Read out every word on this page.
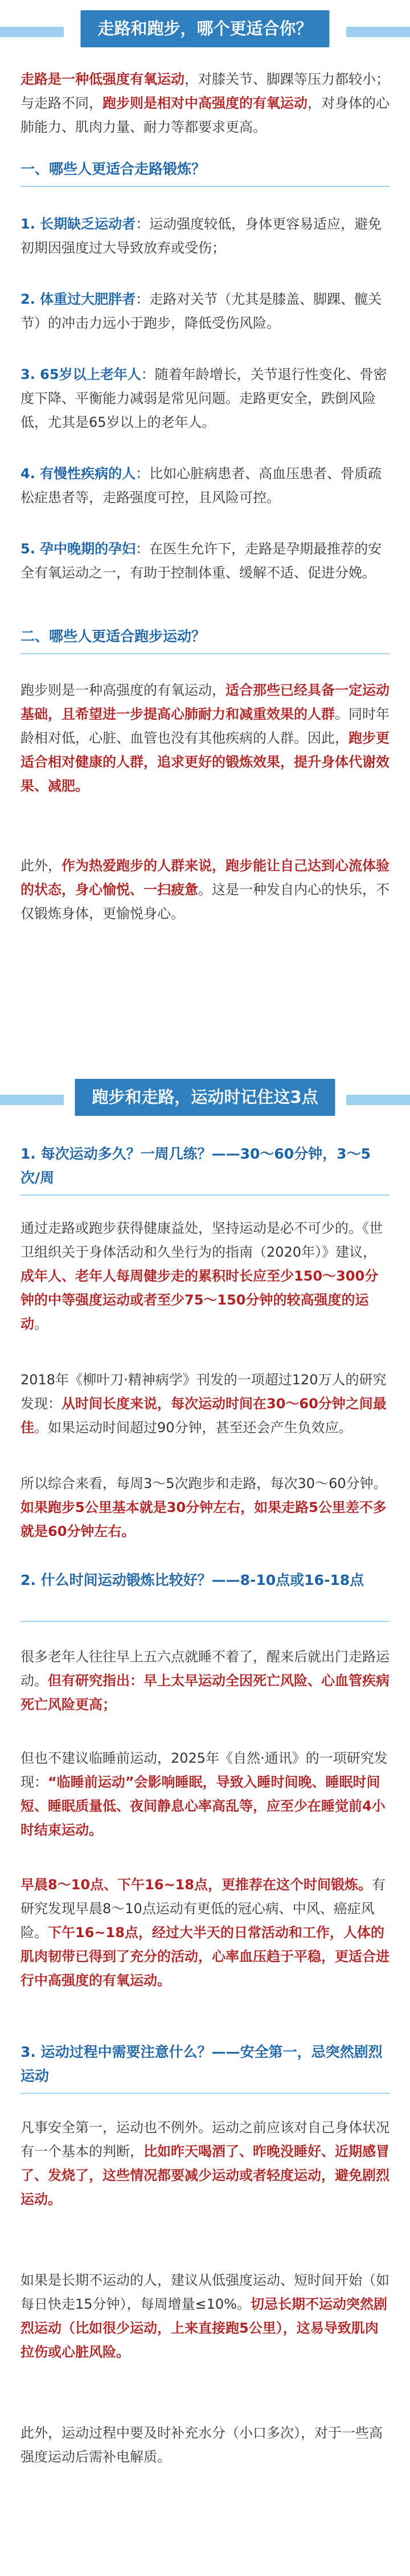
走路和跑步，哪个更适合你？

走路是一种低强度有氧运动，对膝关节、脚踝等压力都较小；与走路不同，跑步则是相对中高强度的有氧运动，对身体的心肺能力、肌肉力量、耐力等都要求更高。

一、哪些人更适合走路锻炼？

1. 长期缺乏运动者：运动强度较低，身体更容易适应，避免初期因强度过大导致放弃或受伤；

2. 体重过大肥胖者：走路对关节（尤其是膝盖、脚踝、髋关节）的冲击力远小于跑步，降低受伤风险。

3. 65岁以上老年人：随着年龄增长，关节退行性变化、骨密度下降、平衡能力减弱是常见问题。走路更安全，跌倒风险低，尤其是65岁以上的老年人。

4. 有慢性疾病的人：比如心脏病患者、高血压患者、骨质疏松症患者等，走路强度可控，且风险可控。

5. 孕中晚期的孕妇：在医生允许下，走路是孕期最推荐的安全有氧运动之一，有助于控制体重、缓解不适、促进分娩。

二、哪些人更适合跑步运动？

跑步则是一种高强度的有氧运动，适合那些已经具备一定运动基础，且希望进一步提高心肺耐力和减重效果的人群。同时年龄相对低，心脏、血管也没有其他疾病的人群。因此，跑步更适合相对健康的人群，追求更好的锻炼效果，提升身体代谢效果、减肥。

此外，作为热爱跑步的人群来说，跑步能让自己达到心流体验的状态，身心愉悦、一扫疲惫。这是一种发自内心的快乐，不仅锻炼身体，更愉悦身心。

跑步和走路，运动时记住这3点
1. 每次运动多久？一周几练？——30～60分钟，3～5次/周

通过走路或跑步获得健康益处，坚持运动是必不可少的。《世卫组织关于身体活动和久坐行为的指南（2020年）》建议，成年人、老年人每周健步走的累积时长应至少150～300分钟的中等强度运动或者至少75～150分钟的较高强度的运动。

2018年《柳叶刀·精神病学》刊发的一项超过120万人的研究发现：从时间长度来说，每次运动时间在30～60分钟之间最佳。如果运动时间超过90分钟，甚至还会产生负效应。

所以综合来看，每周3～5次跑步和走路，每次30～60分钟。如果跑步5公里基本就是30分钟左右，如果走路5公里差不多就是60分钟左右。

2. 什么时间运动锻炼比较好？——8-10点或16-18点

很多老年人往往早上五六点就睡不着了，醒来后就出门走路运动。但有研究指出：早上太早运动全因死亡风险、心血管疾病死亡风险更高；

但也不建议临睡前运动，2025年《自然·通讯》的一项研究发现：“临睡前运动”会影响睡眠，导致入睡时间晚、睡眠时间短、睡眠质量低、夜间静息心率高乱等，应至少在睡觉前4小时结束运动。

早晨8～10点、下午16~18点，更推荐在这个时间锻炼。有研究发现早晨8～10点运动有更低的冠心病、中风、癌症风险。下午16~18点，经过大半天的日常活动和工作，人体的肌肉韧带已得到了充分的活动，心率血压趋于平稳，更适合进行中高强度的有氧运动。

3. 运动过程中需要注意什么？——安全第一，忌突然剧烈运动

凡事安全第一，运动也不例外。运动之前应该对自己身体状况有一个基本的判断，比如昨天喝酒了、昨晚没睡好、近期感冒了、发烧了，这些情况都要减少运动或者轻度运动，避免剧烈运动。

如果是长期不运动的人，建议从低强度运动、短时间开始（如每日快走15分钟），每周增量≤10%。切忌长期不运动突然剧烈运动（比如很少运动，上来直接跑5公里），这易导致肌肉拉伤或心脏风险。

此外，运动过程中要及时补充水分（小口多次），对于一些高强度运动后需补电解质。
